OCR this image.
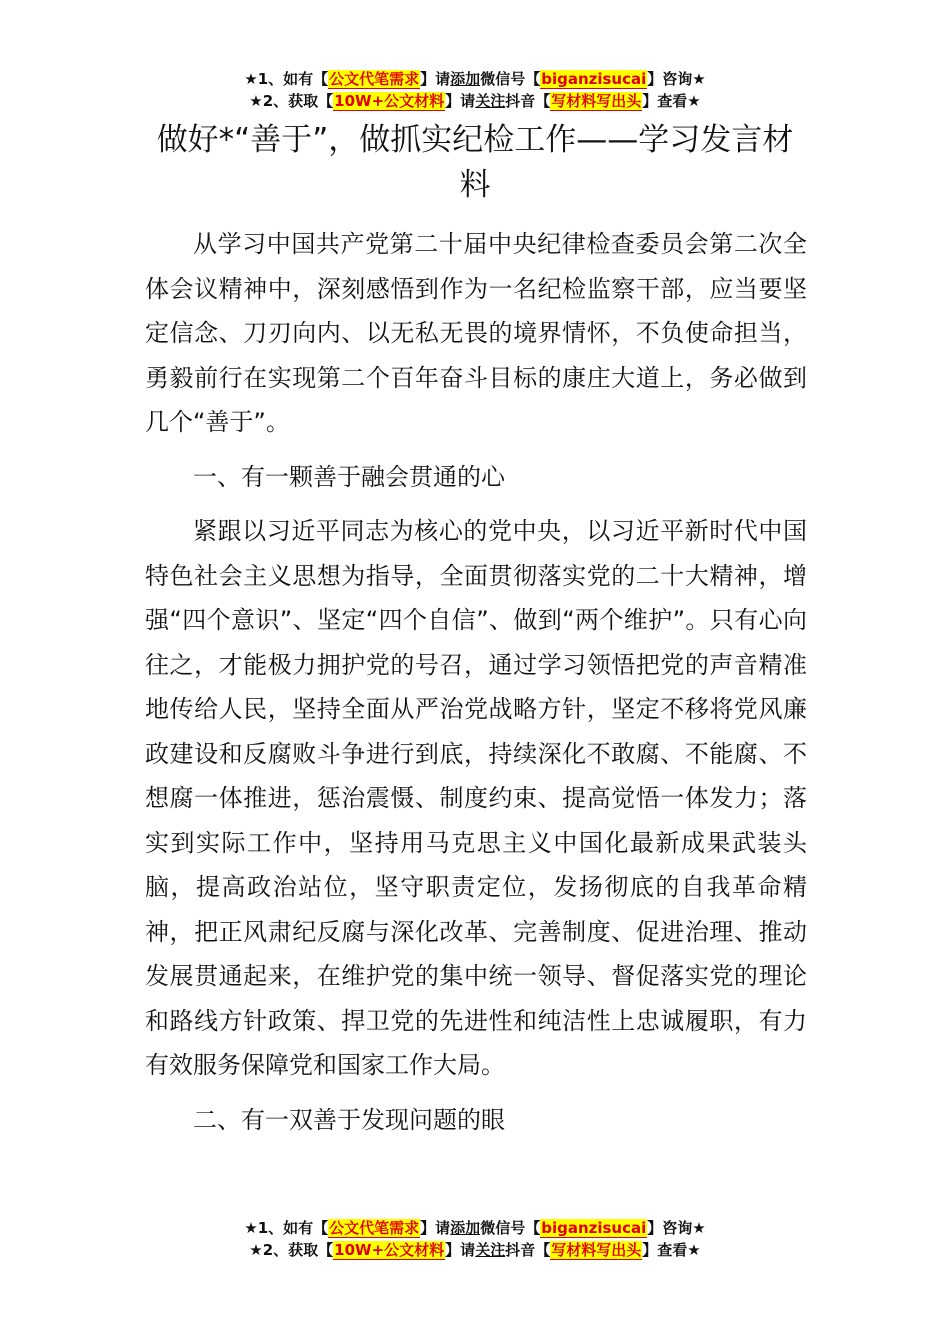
★1、如有【公文代笔需求】请添加微信号【biganzisucai】咨询★
★2、获取【10W+公文材料】请关注抖音【写材料写出头】查看★
做好*“善于”，做抓实纪检工作——学习发言材料

从学习中国共产党第二十届中央纪律检查委员会第二次全体会议精神中，深刻感悟到作为一名纪检监察干部，应当要坚定信念、刀刃向内、以无私无畏的境界情怀，不负使命担当，勇毅前行在实现第二个百年奋斗目标的康庄大道上，务必做到几个“善于”。

一、有一颗善于融会贯通的心

紧跟以习近平同志为核心的党中央，以习近平新时代中国特色社会主义思想为指导，全面贯彻落实党的二十大精神，增强“四个意识”、坚定“四个自信”、做到“两个维护”。只有心向往之，才能极力拥护党的号召，通过学习领悟把党的声音精准地传给人民，坚持全面从严治党战略方针，坚定不移将党风廉政建设和反腐败斗争进行到底，持续深化不敢腐、不能腐、不想腐一体推进，惩治震慑、制度约束、提高觉悟一体发力；落实到实际工作中，坚持用马克思主义中国化最新成果武装头脑，提高政治站位，坚守职责定位，发扬彻底的自我革命精神，把正风肃纪反腐与深化改革、完善制度、促进治理、推动发展贯通起来，在维护党的集中统一领导、督促落实党的理论和路线方针政策、捍卫党的先进性和纯洁性上忠诚履职，有力有效服务保障党和国家工作大局。

二、有一双善于发现问题的眼

★1、如有【公文代笔需求】请添加微信号【biganzisucai】咨询★
★2、获取【10W+公文材料】请关注抖音【写材料写出头】查看★
